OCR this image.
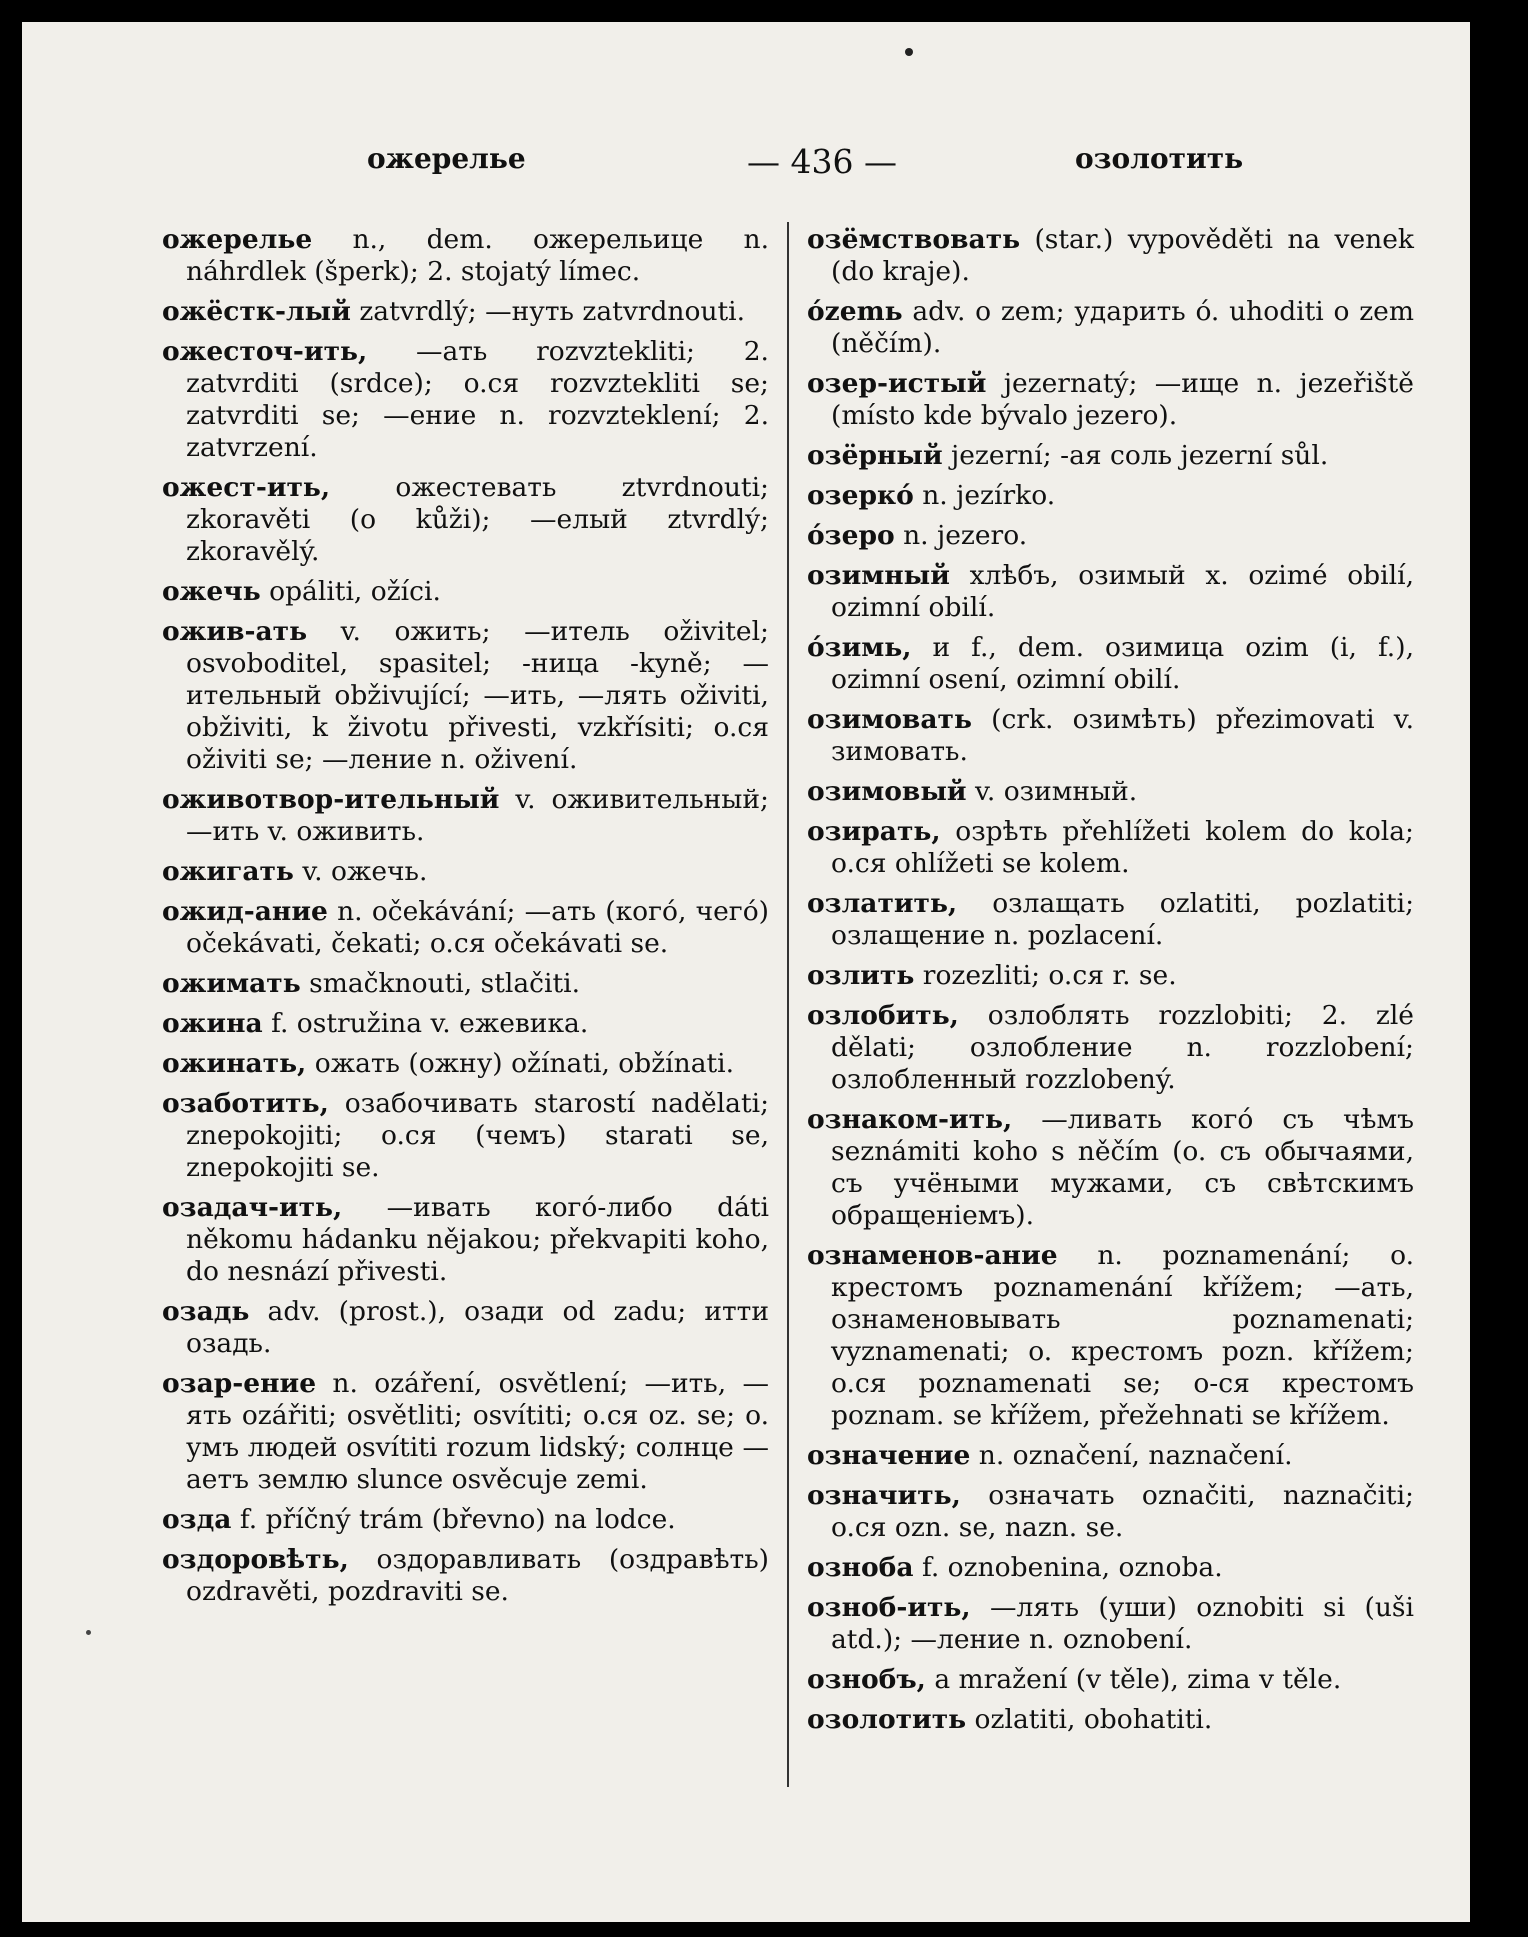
ожерелье	— 436 —	озолотить
ожерелье n., dem. ожерельице n. náhrdlek (šperk); 2. stojatý límec.
ожёстк-лый zatvrdlý; —нуть zatvrdnouti.
ожесточ-ить, —ать rozvztekliti; 2. zatvrditi (srdce); o.ся rozvztekliti se; zatvrditi se; —ение n. rozvzteklení; 2. zatvrzení.
ожест-ить, ожестевать ztvrdnouti; zkoravěti (o kůži); —елый ztvrdlý; zkoravělý.
ожечь opáliti, ožíci.
ожив-ать v. ожить; —итель oživitel; osvoboditel, spasitel; -ница -kyně; —ительный obživující; —ить, —лять oživiti, obživiti, k životu přivesti, vzkřísiti; o.ся oživiti se; —ление n. oživení.
оживотвор-ительный v. оживительный; —ить v. оживить.
ожигать v. ожечь.
ожид-ание n. očekávání; —ать (когó, чегó) očekávati, čekati; o.ся očekávati se.
ожимать smačknouti, stlačiti.
ожина f. ostružina v. ежевика.
ожинать, ожать (ожну) ožínati, obžínati.
озаботить, озабочивать starostí nadělati; znepokojiti; o.ся (чемъ) starati se, znepokojiti se.
озадач-ить, —ивать когó-либо dáti někomu hádanku nějakou; překvapiti koho, do nesnází přivesti.
озадь adv. (prost.), озади od zadu; итти озадь.
озар-ение n. ozáření, osvětlení; —ить, —ять ozářiti; osvětliti; osvítiti; o.ся oz. se; o. умъ людей osvítiti rozum lidský; солнце —аетъ землю slunce osvěcuje zemi.
озда f. příčný trám (břevno) na lodce.
оздоровѣть, оздоравливать (оздравѣть) ozdravěti, pozdraviti se.
озёмствовать (star.) vypověděti na venek (do kraje).
ózemь adv. o zem; ударить ó. uhoditi o zem (něčím).
озер-истый jezernatý; —ище n. jezeřiště (místo kde bývalo jezero).
озёрный jezerní; -ая соль jezerní sůl.
озеркó n. jezírko.
óзеро n. jezero.
озимный хлѣбъ, озимый х. ozimé obilí, ozimní obilí.
óзимь, и f., dem. озимица ozim (i, f.), ozimní osení, ozimní obilí.
озимовать (crk. озимѣть) přezimovati v. зимовать.
озимовый v. озимный.
озирать, озрѣть přehlížeti kolem do kola; o.ся ohlížeti se kolem.
озлатить, озлащать ozlatiti, pozlatiti; озлащение n. pozlacení.
озлить rozezliti; o.ся r. se.
озлобить, озлоблять rozzlobiti; 2. zlé dělati; озлобление n. rozzlobení; озлобленный rozzlobený.
ознаком-ить, —ливать когó съ чѣмъ seznámiti koho s něčím (o. съ обычаями, съ учёными мужами, съ свѣтскимъ обращеніемъ).
ознаменов-ание n. poznamenání; o. крестомъ poznamenání křížem; —ать, ознаменовывать poznamenati; vyznamenati; o. крестомъ pozn. křížem; o.ся poznamenati se; o-ся крестомъ poznam. se křížem, přežehnati se křížem.
означение n. označení, naznačení.
означить, означать označiti, naznačiti; o.ся ozn. se, nazn. se.
озноба f. oznobenina, oznoba.
озноб-ить, —лять (уши) oznobiti si (uši atd.); —ление n. oznobení.
ознобъ, a mražení (v těle), zima v těle.
озолотить ozlatiti, obohatiti.
